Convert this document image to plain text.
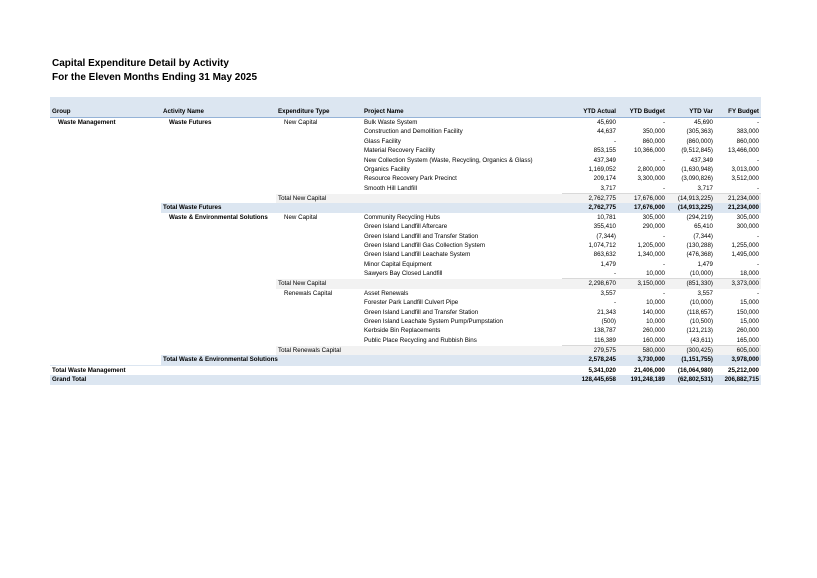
Capital Expenditure Detail by Activity
For the Eleven Months Ending 31 May 2025
Group	Activity Name	Expenditure Type	Project Name	YTD Actual	YTD Budget	YTD Var	FY Budget
Waste Management	Waste Futures	New Capital	Bulk Waste System	45,690	-	45,690	-
			Construction and Demolition Facility	44,637	350,000	(305,363)	383,000
			Glass Facility	-	860,000	(860,000)	860,000
			Material Recovery Facility	853,155	10,366,000	(9,512,845)	13,466,000
			New Collection System (Waste, Recycling, Organics & Glass)	437,349	-	437,349	-
			Organics Facility	1,169,052	2,800,000	(1,630,948)	3,013,000
			Resource Recovery Park Precinct	209,174	3,300,000	(3,090,826)	3,512,000
			Smooth Hill Landfill	3,717	-	3,717	-
		Total New Capital		2,762,775	17,676,000	(14,913,225)	21,234,000
	Total Waste Futures			2,762,775	17,676,000	(14,913,225)	21,234,000
	Waste & Environmental Solutions	New Capital	Community Recycling Hubs	10,781	305,000	(294,219)	305,000
			Green Island Landfill Aftercare	355,410	290,000	65,410	300,000
			Green Island Landfill and Transfer Station	(7,344)	-	(7,344)	-
			Green Island Landfill Gas Collection System	1,074,712	1,205,000	(130,288)	1,255,000
			Green Island Landfill Leachate System	863,632	1,340,000	(476,368)	1,495,000
			Minor Capital Equipment	1,479	-	1,479	-
			Sawyers Bay Closed Landfill	-	10,000	(10,000)	18,000
		Total New Capital		2,298,670	3,150,000	(851,330)	3,373,000
		Renewals Capital	Asset Renewals	3,557	-	3,557	-
			Forester Park Landfill Culvert Pipe	-	10,000	(10,000)	15,000
			Green Island Landfill and Transfer Station	21,343	140,000	(118,657)	150,000
			Green Island Leachate System Pump/Pumpstation	(500)	10,000	(10,500)	15,000
			Kerbside Bin Replacements	138,787	260,000	(121,213)	260,000
			Public Place Recycling and Rubbish Bins	116,389	160,000	(43,611)	165,000
		Total Renewals Capital		279,575	580,000	(300,425)	605,000
	Total Waste & Environmental Solutions			2,578,245	3,730,000	(1,151,755)	3,978,000
Total Waste Management				5,341,020	21,406,000	(16,064,980)	25,212,000
Grand Total				128,445,658	191,248,189	(62,802,531)	206,882,715
